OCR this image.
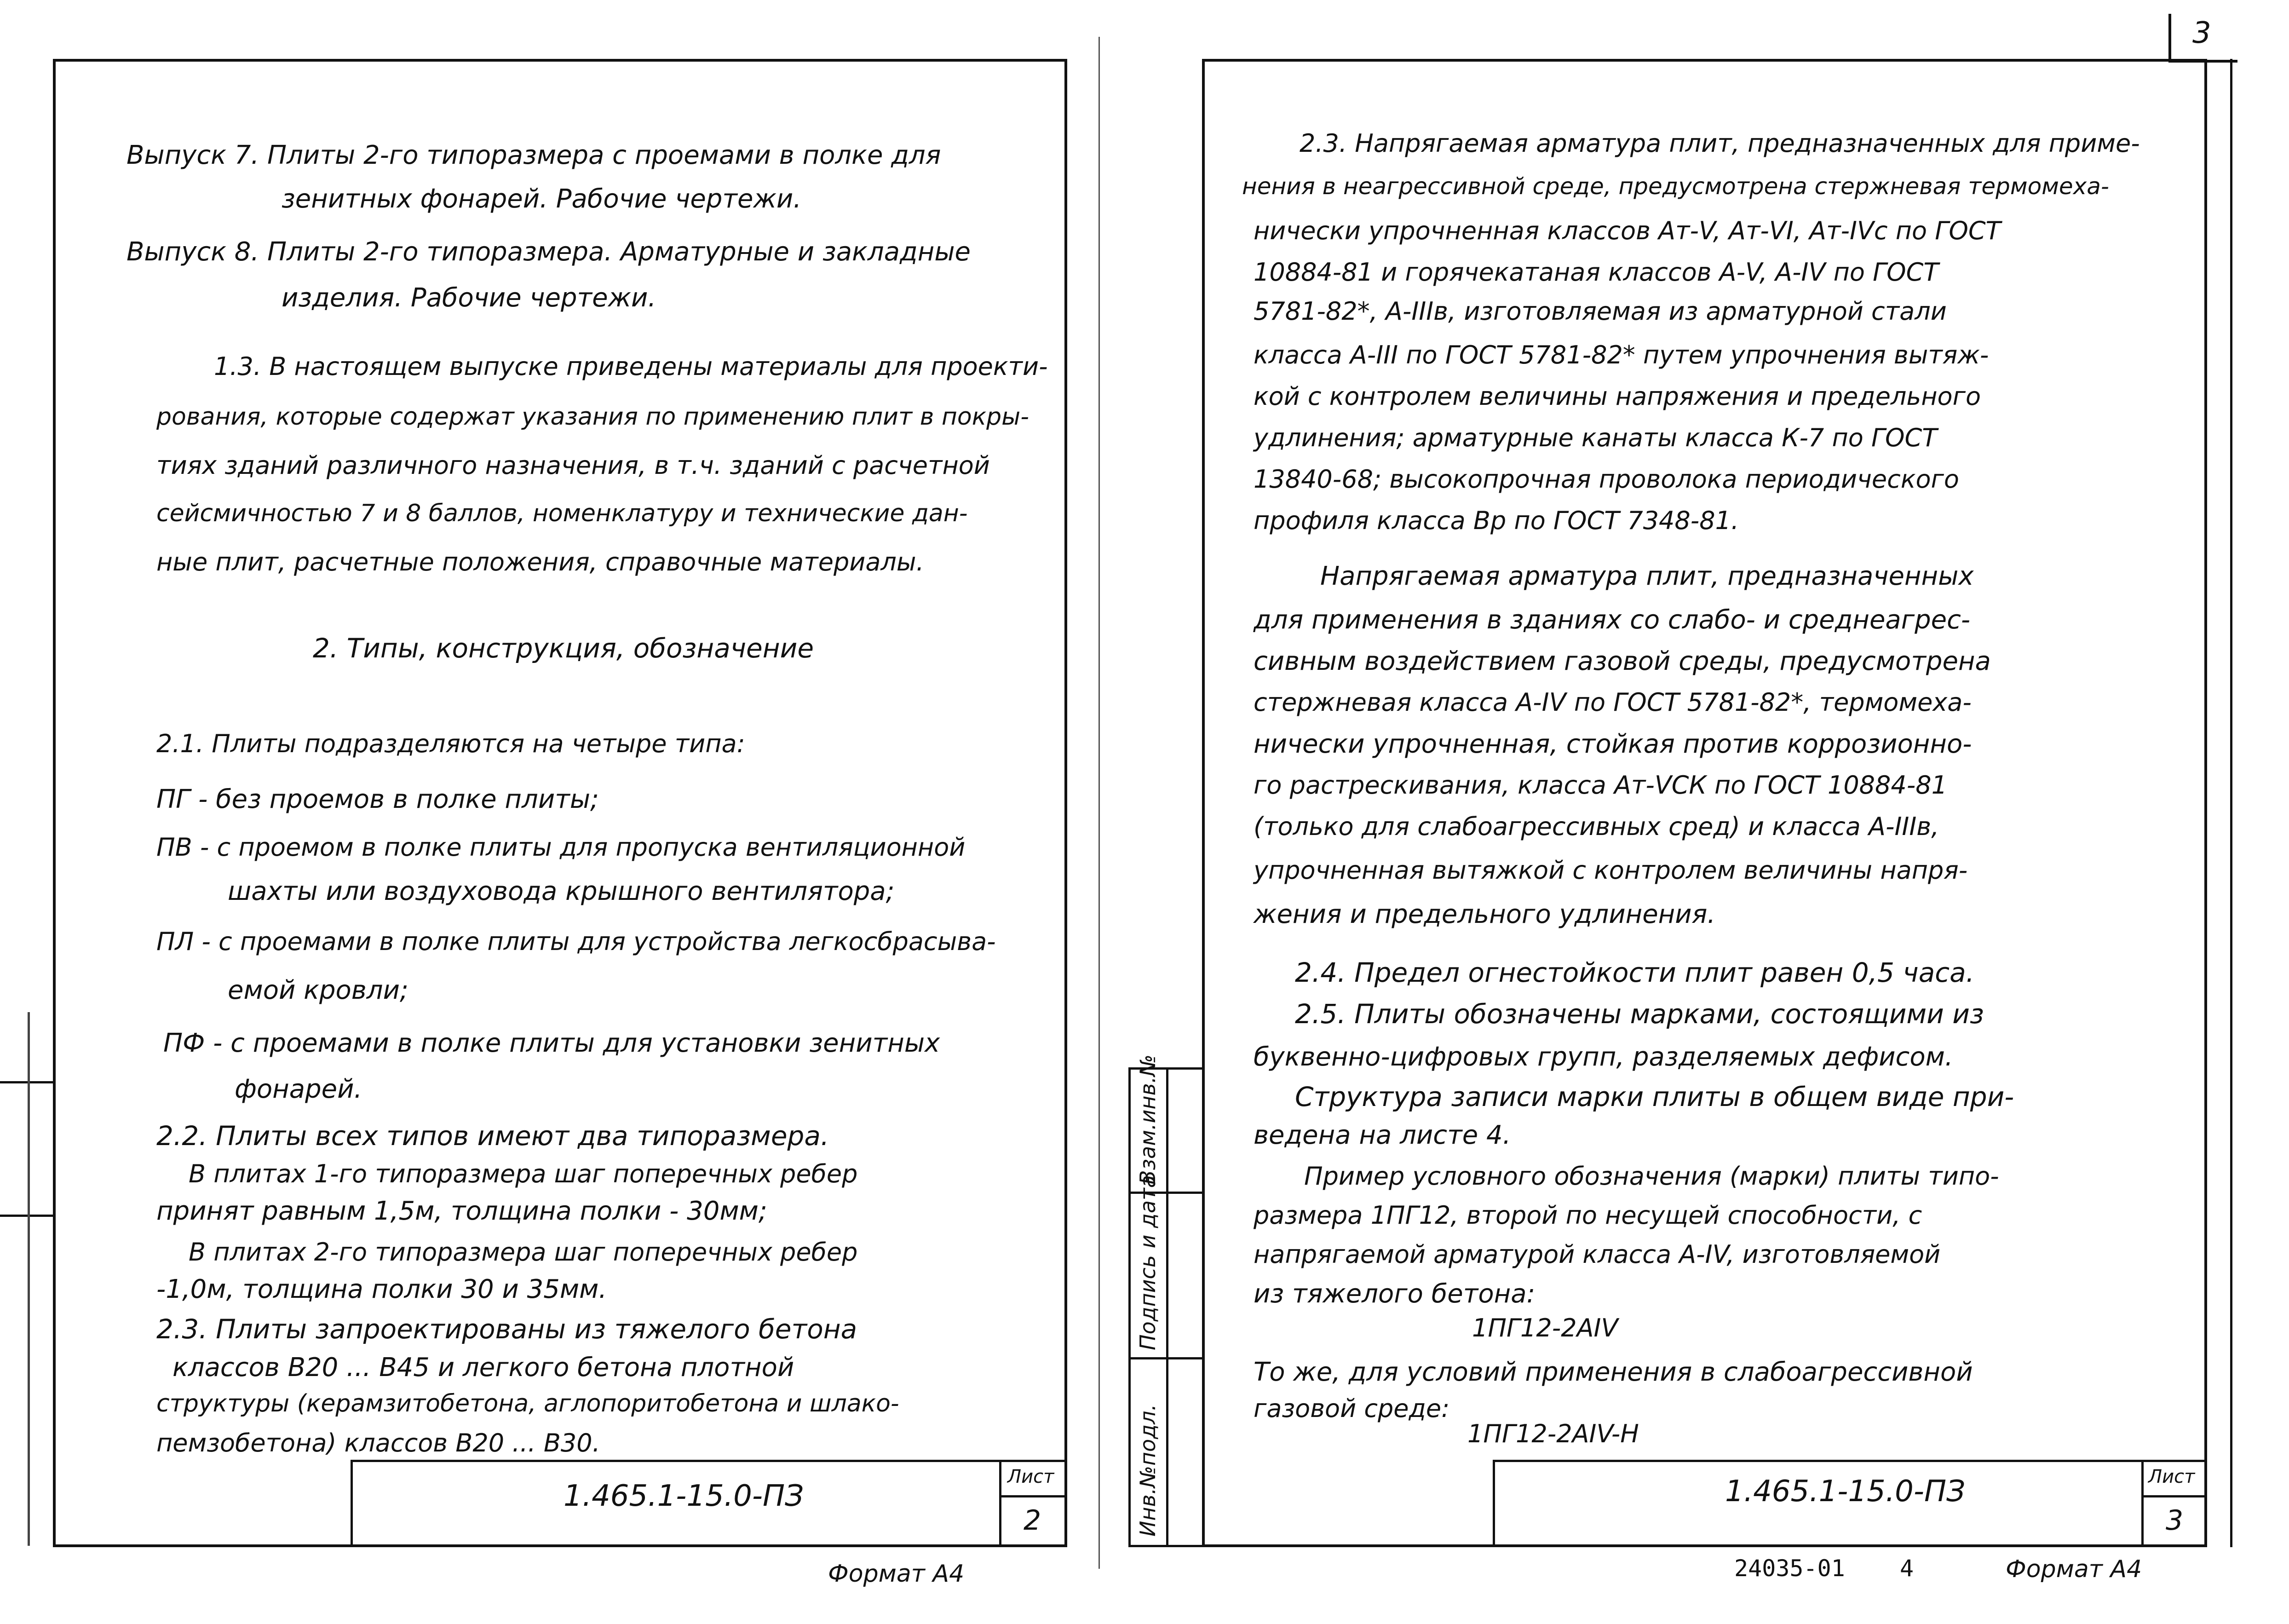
3
Выпуск 7. Плиты 2-го типоразмера с проемами в полке для
зенитных фонарей. Рабочие чертежи.
Выпуск 8. Плиты 2-го типоразмера. Арматурные и закладные
изделия. Рабочие чертежи.
1.3. В настоящем выпуске приведены материалы для проекти-
рования, которые содержат указания по применению плит в покры-
тиях зданий различного назначения, в т.ч. зданий с расчетной
сейсмичностью 7 и 8 баллов, номенклатуру и технические дан-
ные плит, расчетные положения, справочные материалы.
2. Типы, конструкция, обозначение
2.1. Плиты подразделяются на четыре типа:
ПГ - без проемов в полке плиты;
ПВ - с проемом в полке плиты для пропуска вентиляционной
шахты или воздуховода крышного вентилятора;
ПЛ - с проемами в полке плиты для устройства легкосбрасыва-
емой кровли;
ПФ - с проемами в полке плиты для установки зенитных
фонарей.
2.2. Плиты всех типов имеют два типоразмера.
В плитах 1-го типоразмера шаг поперечных ребер
принят равным 1,5м, толщина полки - 30мм;
В плитах 2-го типоразмера шаг поперечных ребер
-1,0м, толщина полки 30 и 35мм.
2.3. Плиты запроектированы из тяжелого бетона
классов В20 ... В45 и легкого бетона плотной
структуры (керамзитобетона, аглопоритобетона и шлако-
пемзобетона) классов В20 ... В30.
1.465.1-15.0-ПЗ
Лист
2
Формат А4
Инв.№подл.
Подпись и дата
Взам.инв.№
2.3. Напрягаемая арматура плит, предназначенных для приме-
нения в неагрессивной среде, предусмотрена стержневая термомеха-
нически упрочненная классов Ат-V, Ат-VI, Ат-IVс по ГОСТ
10884-81 и горячекатаная классов А-V, А-IV по ГОСТ
5781-82*, А-IIIв, изготовляемая из арматурной стали
класса А-III по ГОСТ 5781-82* путем упрочнения вытяж-
кой с контролем величины напряжения и предельного
удлинения; арматурные канаты класса К-7 по ГОСТ
13840-68; высокопрочная проволока периодического
профиля класса Вр по ГОСТ 7348-81.
Напрягаемая арматура плит, предназначенных
для применения в зданиях со слабо- и среднеагрес-
сивным воздействием газовой среды, предусмотрена
стержневая класса А-IV по ГОСТ 5781-82*, термомеха-
нически упрочненная, стойкая против коррозионно-
го растрескивания, класса Ат-VСК по ГОСТ 10884-81
(только для слабоагрессивных сред) и класса А-IIIв,
упрочненная вытяжкой с контролем величины напря-
жения и предельного удлинения.
2.4. Предел огнестойкости плит равен 0,5 часа.
2.5. Плиты обозначены марками, состоящими из
буквенно-цифровых групп, разделяемых дефисом.
Структура записи марки плиты в общем виде при-
ведена на листе 4.
Пример условного обозначения (марки) плиты типо-
размера 1ПГ12, второй по несущей способности, с
напрягаемой арматурой класса А-IV, изготовляемой
из тяжелого бетона:
1ПГ12-2АIV
То же, для условий применения в слабоагрессивной
газовой среде:
1ПГ12-2АIV-Н
1.465.1-15.0-ПЗ	Лист
3
24035-01 4	Формат А4
